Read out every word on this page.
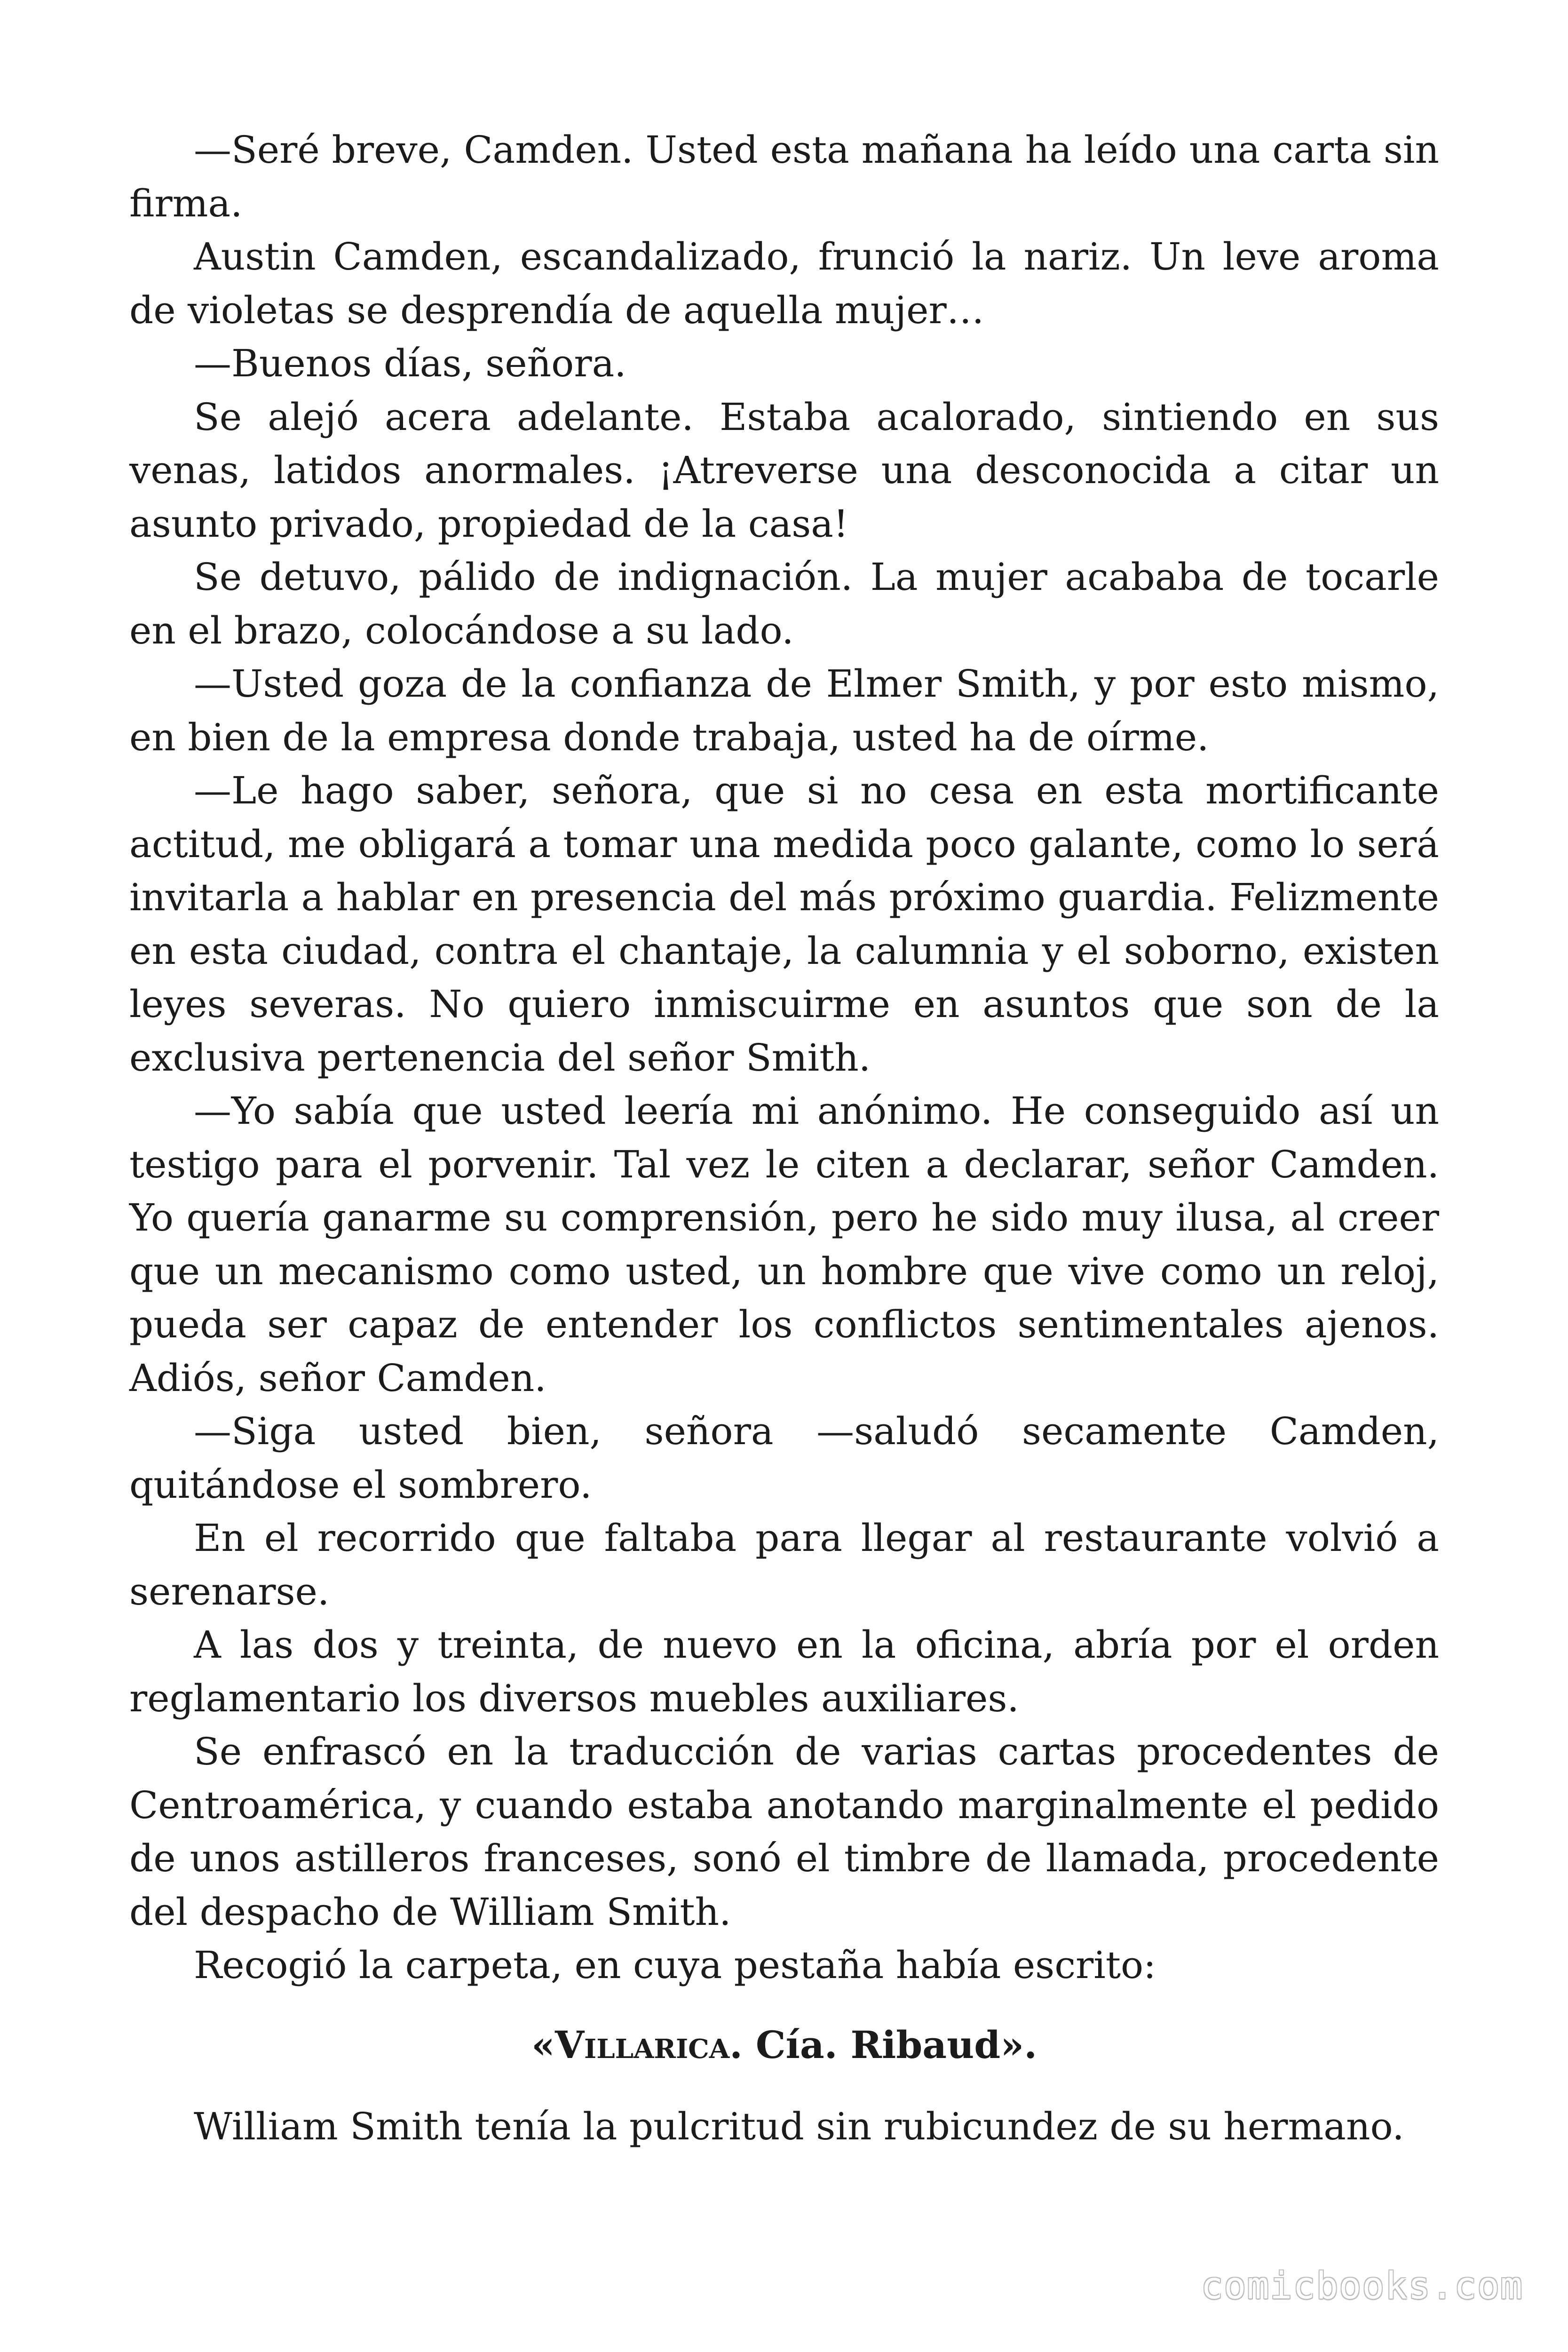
—Seré breve, Camden. Usted esta mañana ha leído una carta sin firma.

Austin Camden, escandalizado, frunció la nariz. Un leve aroma de violetas se desprendía de aquella mujer…

—Buenos días, señora.

Se alejó acera adelante. Estaba acalorado, sintiendo en sus venas, latidos anormales. ¡Atreverse una desconocida a citar un asunto privado, propiedad de la casa!

Se detuvo, pálido de indignación. La mujer acababa de tocarle en el brazo, colocándose a su lado.

—Usted goza de la confianza de Elmer Smith, y por esto mismo, en bien de la empresa donde trabaja, usted ha de oírme.

—Le hago saber, señora, que si no cesa en esta mortificante actitud, me obligará a tomar una medida poco galante, como lo será invitarla a hablar en presencia del más próximo guardia. Felizmente en esta ciudad, contra el chantaje, la calumnia y el soborno, existen leyes severas. No quiero inmiscuirme en asuntos que son de la exclusiva pertenencia del señor Smith.

—Yo sabía que usted leería mi anónimo. He conseguido así un testigo para el porvenir. Tal vez le citen a declarar, señor Camden. Yo quería ganarme su comprensión, pero he sido muy ilusa, al creer que un mecanismo como usted, un hombre que vive como un reloj, pueda ser capaz de entender los conflictos sentimentales ajenos. Adiós, señor Camden.

—Siga usted bien, señora —saludó secamente Camden, quitándose el sombrero.

En el recorrido que faltaba para llegar al restaurante volvió a serenarse.

A las dos y treinta, de nuevo en la oficina, abría por el orden reglamentario los diversos muebles auxiliares.

Se enfrascó en la traducción de varias cartas procedentes de Centroamérica, y cuando estaba anotando marginalmente el pedido de unos astilleros franceses, sonó el timbre de llamada, procedente del despacho de William Smith.

Recogió la carpeta, en cuya pestaña había escrito:

«Villarica. Cía. Ribaud».

William Smith tenía la pulcritud sin rubicundez de su hermano.

comicbooks.com
